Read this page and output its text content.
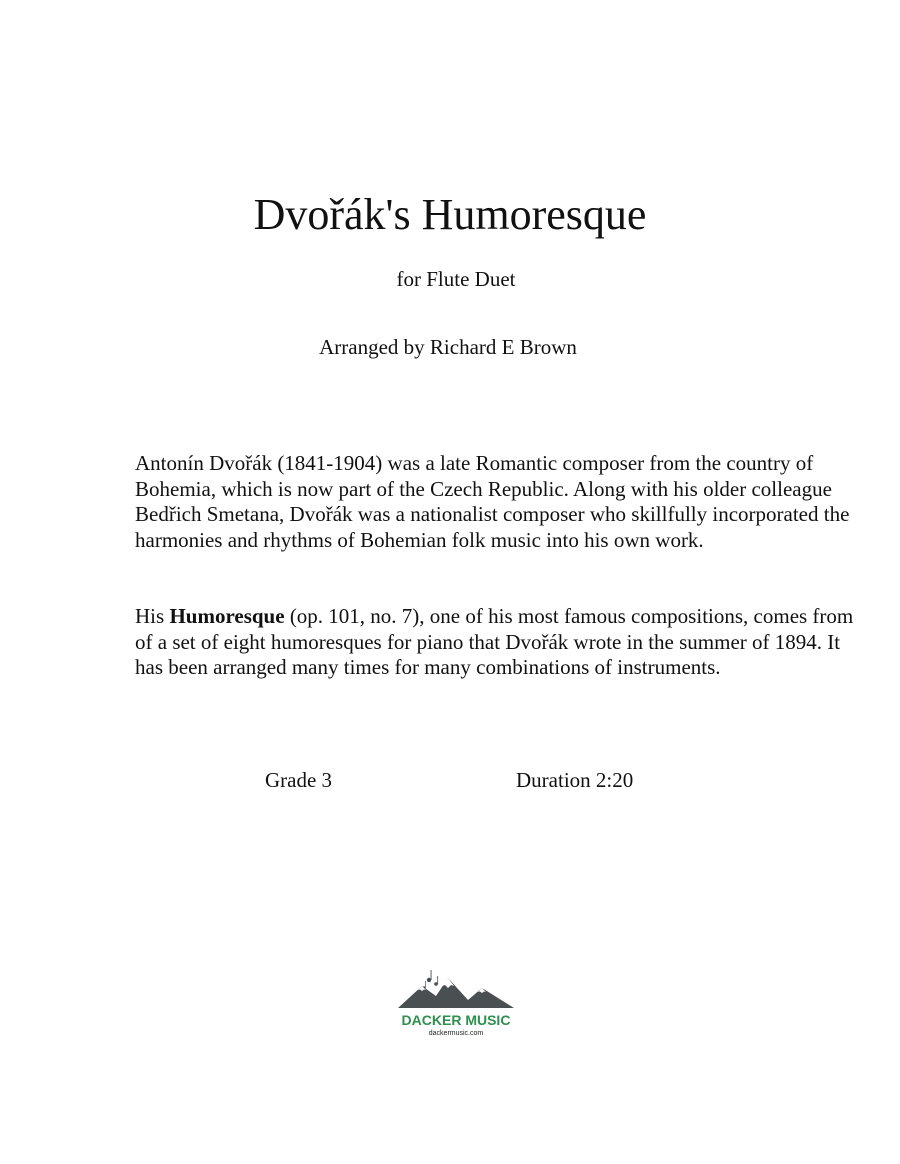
Dvořák's Humoresque
for Flute Duet
Arranged by Richard E Brown

Antonín Dvořák (1841-1904) was a late Romantic composer from the country of Bohemia, which is now part of the Czech Republic. Along with his older colleague Bedřich Smetana, Dvořák was a nationalist composer who skillfully incorporated the harmonies and rhythms of Bohemian folk music into his own work.

His Humoresque (op. 101, no. 7), one of his most famous compositions, comes from of a set of eight humoresques for piano that Dvořák wrote in the summer of 1894. It has been arranged many times for many combinations of instruments.

Grade 3	Duration 2:20
DACKER MUSIC
dackermusic.com
